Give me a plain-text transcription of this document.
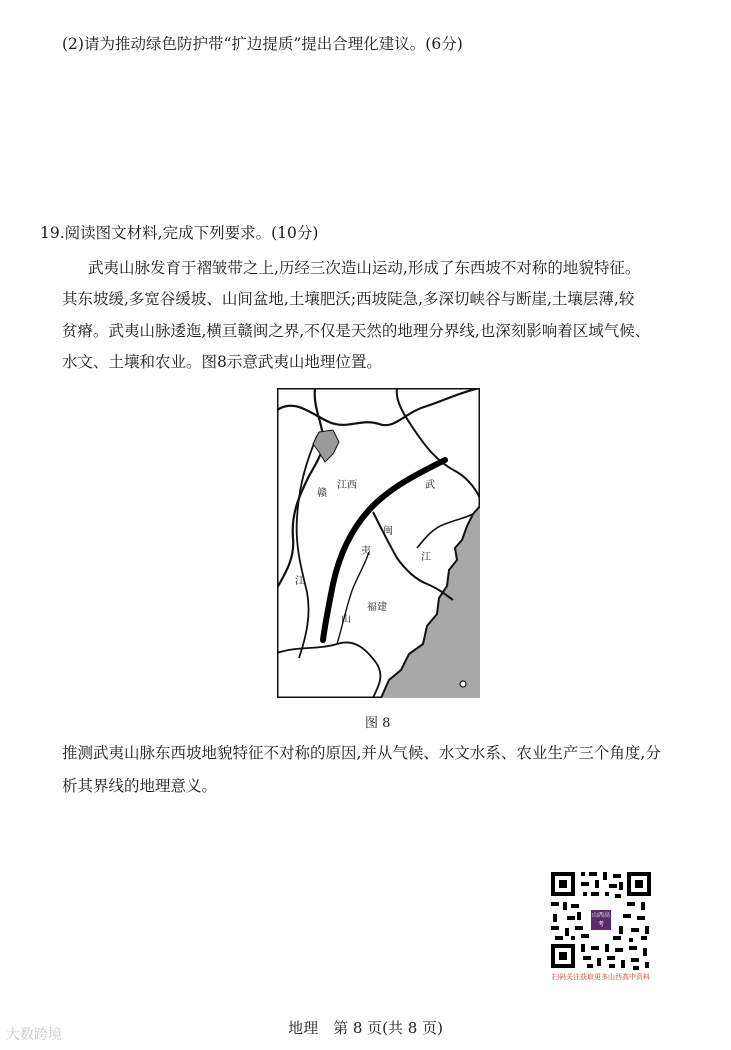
(2)请为推动绿色防护带“扩边提质”提出合理化建议。(6分)
19.阅读图文材料,完成下列要求。(10分)
武夷山脉发育于褶皱带之上,历经三次造山运动,形成了东西坡不对称的地貌特征。
其东坡缓,多宽谷缓坡、山间盆地,土壤肥沃;西坡陡急,多深切峡谷与断崖,土壤层薄,较
贫瘠。武夷山脉逶迤,横亘赣闽之界,不仅是天然的地理分界线,也深刻影响着区域气候、
水文、土壤和农业。图8示意武夷山地理位置。
赣
江
江西	武
夷
山
闽
江
福建
图 8
推测武夷山脉东西坡地貌特征不对称的原因,并从气候、水文水系、农业生产三个角度,分
析其界线的地理意义。
山西高考
扫码关注获取更多山西高中资料
大数跨境	地理　第 8 页(共 8 页)
